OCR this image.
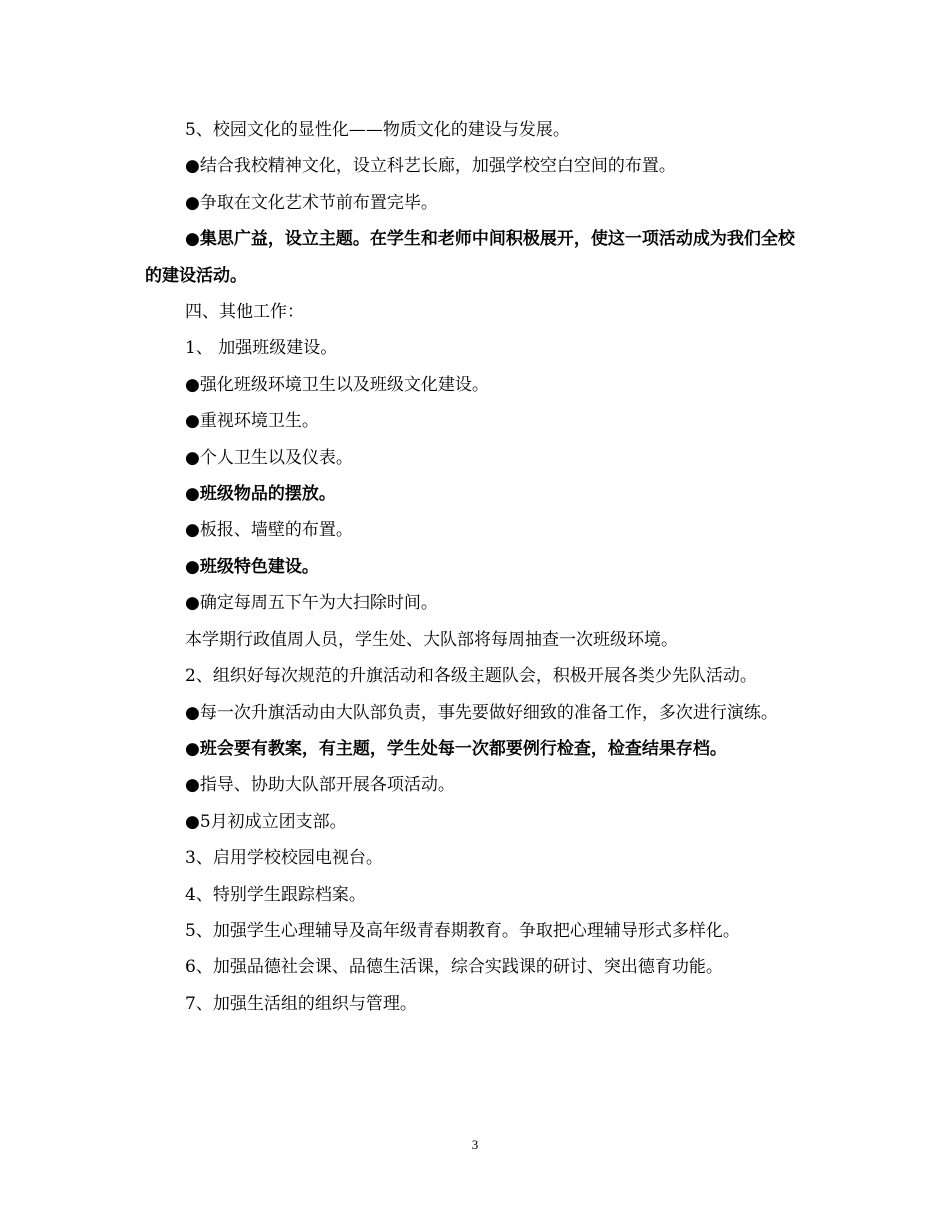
5、校园文化的显性化——物质文化的建设与发展。

●结合我校精神文化，设立科艺长廊，加强学校空白空间的布置。

●争取在文化艺术节前布置完毕。

●集思广益，设立主题。在学生和老师中间积极展开，使这一项活动成为我们全校的建设活动。

四、其他工作：

1、 加强班级建设。

●强化班级环境卫生以及班级文化建设。

●重视环境卫生。

●个人卫生以及仪表。

●班级物品的摆放。

●板报、墙壁的布置。

●班级特色建设。

●确定每周五下午为大扫除时间。

本学期行政值周人员，学生处、大队部将每周抽查一次班级环境。

2、组织好每次规范的升旗活动和各级主题队会，积极开展各类少先队活动。

●每一次升旗活动由大队部负责，事先要做好细致的准备工作，多次进行演练。

●班会要有教案，有主题，学生处每一次都要例行检查，检查结果存档。

●指导、协助大队部开展各项活动。

●5月初成立团支部。

3、启用学校校园电视台。

4、特别学生跟踪档案。

5、加强学生心理辅导及高年级青春期教育。争取把心理辅导形式多样化。

6、加强品德社会课、品德生活课，综合实践课的研讨、突出德育功能。

7、加强生活组的组织与管理。

3
